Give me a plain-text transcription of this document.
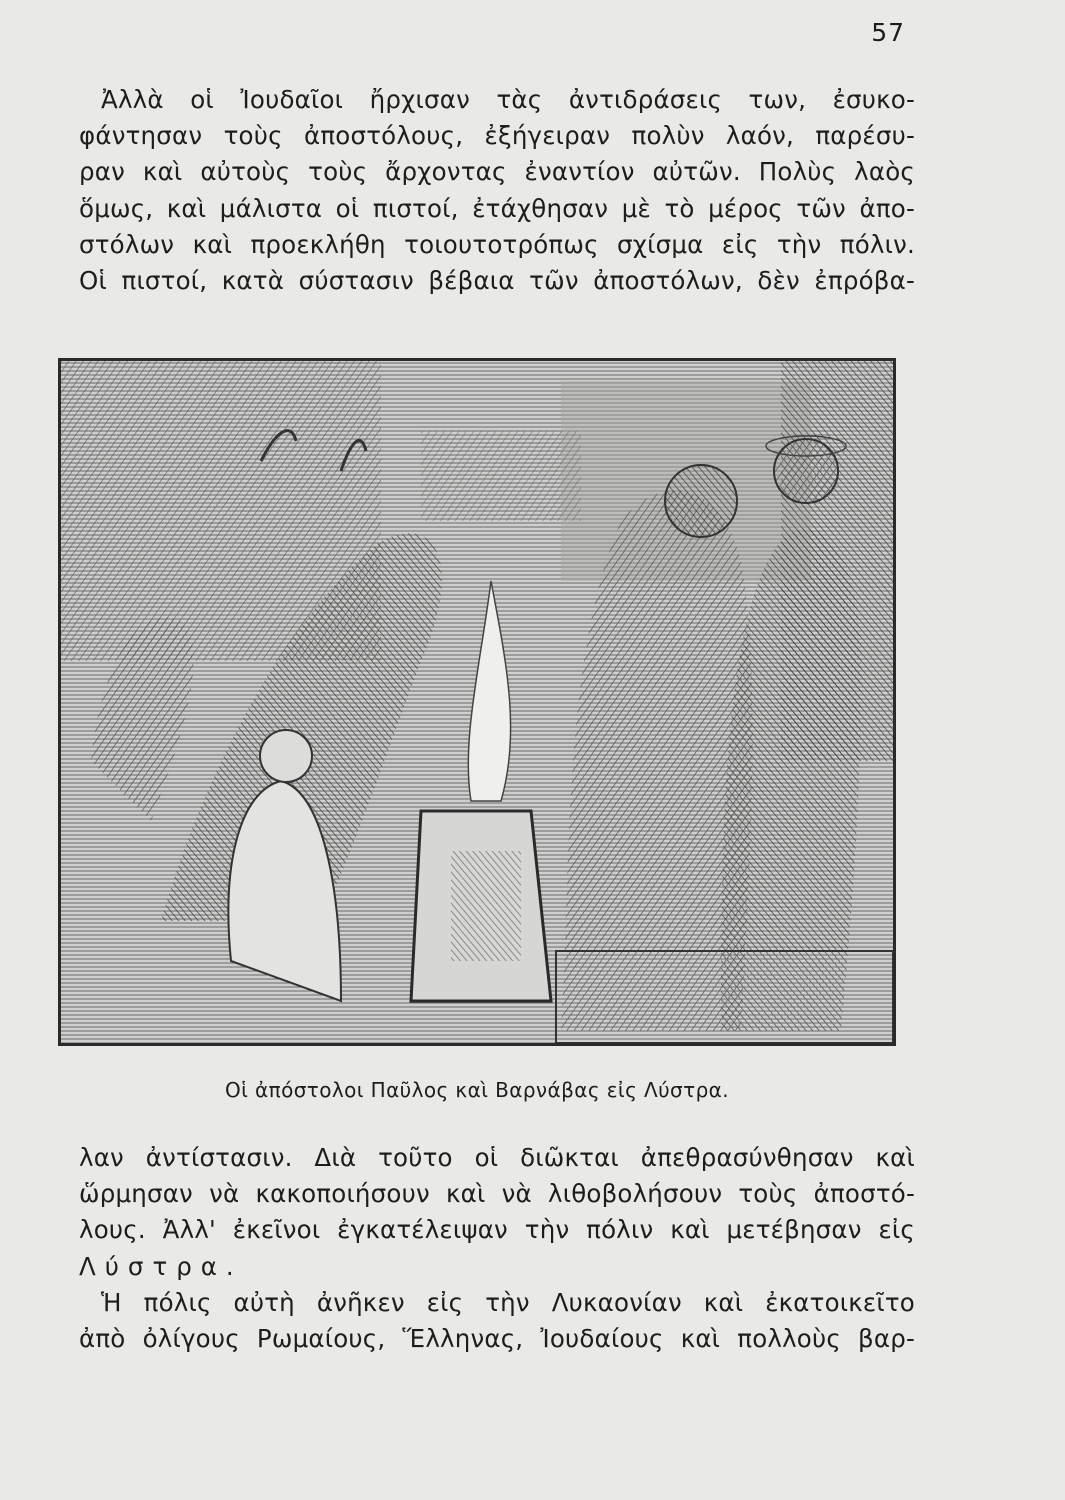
57
Ἀλλὰ οἱ Ἰουδαῖοι ἤρχισαν τὰς ἀντιδράσεις των, ἐσυκο-
φάντησαν τοὺς ἀποστόλους, ἐξήγειραν πολὺν λαόν, παρέσυ-
ραν καὶ αὐτοὺς τοὺς ἄρχοντας ἐναντίον αὐτῶν. Πολὺς λαὸς
ὅμως, καὶ μάλιστα οἱ πιστοί, ἐτάχθησαν μὲ τὸ μέρος τῶν ἀπο-
στόλων καὶ προεκλήθη τοιουτοτρόπως σχίσμα εἰς τὴν πόλιν.
Οἱ πιστοί, κατὰ σύστασιν βέβαια τῶν ἀποστόλων, δὲν ἐπρόβα-
Οἱ ἀπόστολοι Παῦλος καὶ Βαρνάβας εἰς Λύστρα.
λαν ἀντίστασιν. Διὰ τοῦτο οἱ διῶκται ἀπεθρασύνθησαν καὶ
ὥρμησαν νὰ κακοποιήσουν καὶ νὰ λιθοβολήσουν τοὺς ἀποστό-
λους. Ἀλλ' ἐκεῖνοι ἐγκατέλειψαν τὴν πόλιν καὶ μετέβησαν εἰς
Λύστρα.
Ἡ πόλις αὐτὴ ἀνῆκεν εἰς τὴν Λυκαονίαν καὶ ἐκατοικεῖτο
ἀπὸ ὀλίγους Ρωμαίους, Ἕλληνας, Ἰουδαίους καὶ πολλοὺς βαρ-
